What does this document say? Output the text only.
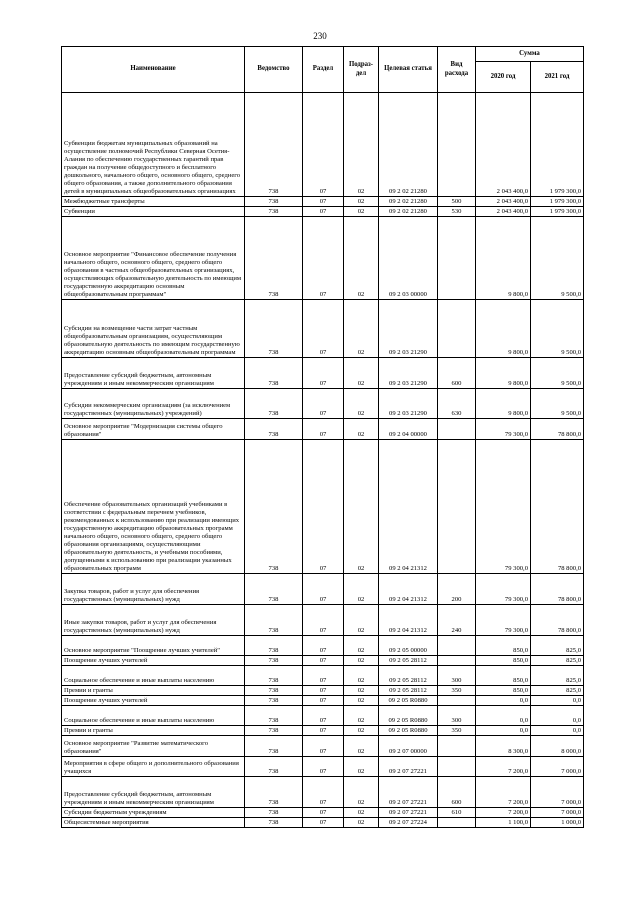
230
Наименование	Ведомство	Раздел	Подраз-дел	Целевая статья	Вид расхода	Сумма	
						2020 год	2021 год
Субвенции бюджетам муниципальных образований на осуществление полномочий Республики Северная Осетия-Алания по обеспечению государственных гарантий прав граждан на получение общедоступного и бесплатного дошкольного, начального общего, основного общего, среднего общего образования, а также дополнительного образования детей в муниципальных общеобразовательных организациях	738	07	02	09 2 02 21280		2 043 400,0	1 979 300,0
Межбюджетные трансферты	738	07	02	09 2 02 21280	500	2 043 400,0	1 979 300,0
Субвенции	738	07	02	09 2 02 21280	530	2 043 400,0	1 979 300,0
Основное мероприятие "Финансовое обеспечение получения начального общего, основного общего, среднего общего образования в частных общеобразовательных организациях, осуществляющих образовательную деятельность по имеющим государственную аккредитацию основным общеобразовательным программам"	738	07	02	09 2 03 00000		9 800,0	9 500,0
Субсидии на возмещение части затрат частным общеобразовательным организациям, осуществляющим образовательную деятельность по имеющим государственную аккредитацию основным общеобразовательным программам	738	07	02	09 2 03 21290		9 800,0	9 500,0
Предоставление субсидий бюджетным, автономным учреждениям и иным некоммерческим организациям	738	07	02	09 2 03 21290	600	9 800,0	9 500,0
Субсидии некоммерческим организациям (за исключением государственных (муниципальных) учреждений)	738	07	02	09 2 03 21290	630	9 800,0	9 500,0
Основное мероприятие "Модернизация системы общего образования"	738	07	02	09 2 04 00000		79 300,0	78 800,0
Обеспечение образовательных организаций учебниками в соответствии с федеральным перечнем учебников, рекомендованных к использованию при реализации имеющих государственную аккредитацию образовательных программ начального общего, основного общего, среднего общего образования организациями, осуществляющими образовательную деятельность, и учебными пособиями, допущенными к использованию при реализации указанных образовательных программ	738	07	02	09 2 04 21312		79 300,0	78 800,0
Закупка товаров, работ и услуг для обеспечения государственных (муниципальных) нужд	738	07	02	09 2 04 21312	200	79 300,0	78 800,0
Иные закупки товаров, работ и услуг для обеспечения государственных (муниципальных) нужд	738	07	02	09 2 04 21312	240	79 300,0	78 800,0
Основное мероприятие "Поощрение лучших учителей"	738	07	02	09 2 05 00000		850,0	825,0
Поощрение лучших учителей	738	07	02	09 2 05 28112		850,0	825,0
Социальное обеспечение и иные выплаты населению	738	07	02	09 2 05 28112	300	850,0	825,0
Премии и гранты	738	07	02	09 2 05 28112	350	850,0	825,0
Поощрение лучших учителей	738	07	02	09 2 05 R0880		0,0	0,0
Социальное обеспечение и иные выплаты населению	738	07	02	09 2 05 R0880	300	0,0	0,0
Премии и гранты	738	07	02	09 2 05 R0880	350	0,0	0,0
Основное мероприятие "Развитие математического образования"	738	07	02	09 2 07 00000		8 300,0	8 000,0
Мероприятия в сфере общего и дополнительного образования учащихся	738	07	02	09 2 07 27221		7 200,0	7 000,0
Предоставление субсидий бюджетным, автономным учреждениям и иным некоммерческим организациям	738	07	02	09 2 07 27221	600	7 200,0	7 000,0
Субсидии бюджетным учреждениям	738	07	02	09 2 07 27221	610	7 200,0	7 000,0
Общесистемные мероприятия	738	07	02	09 2 07 27224		1 100,0	1 000,0
